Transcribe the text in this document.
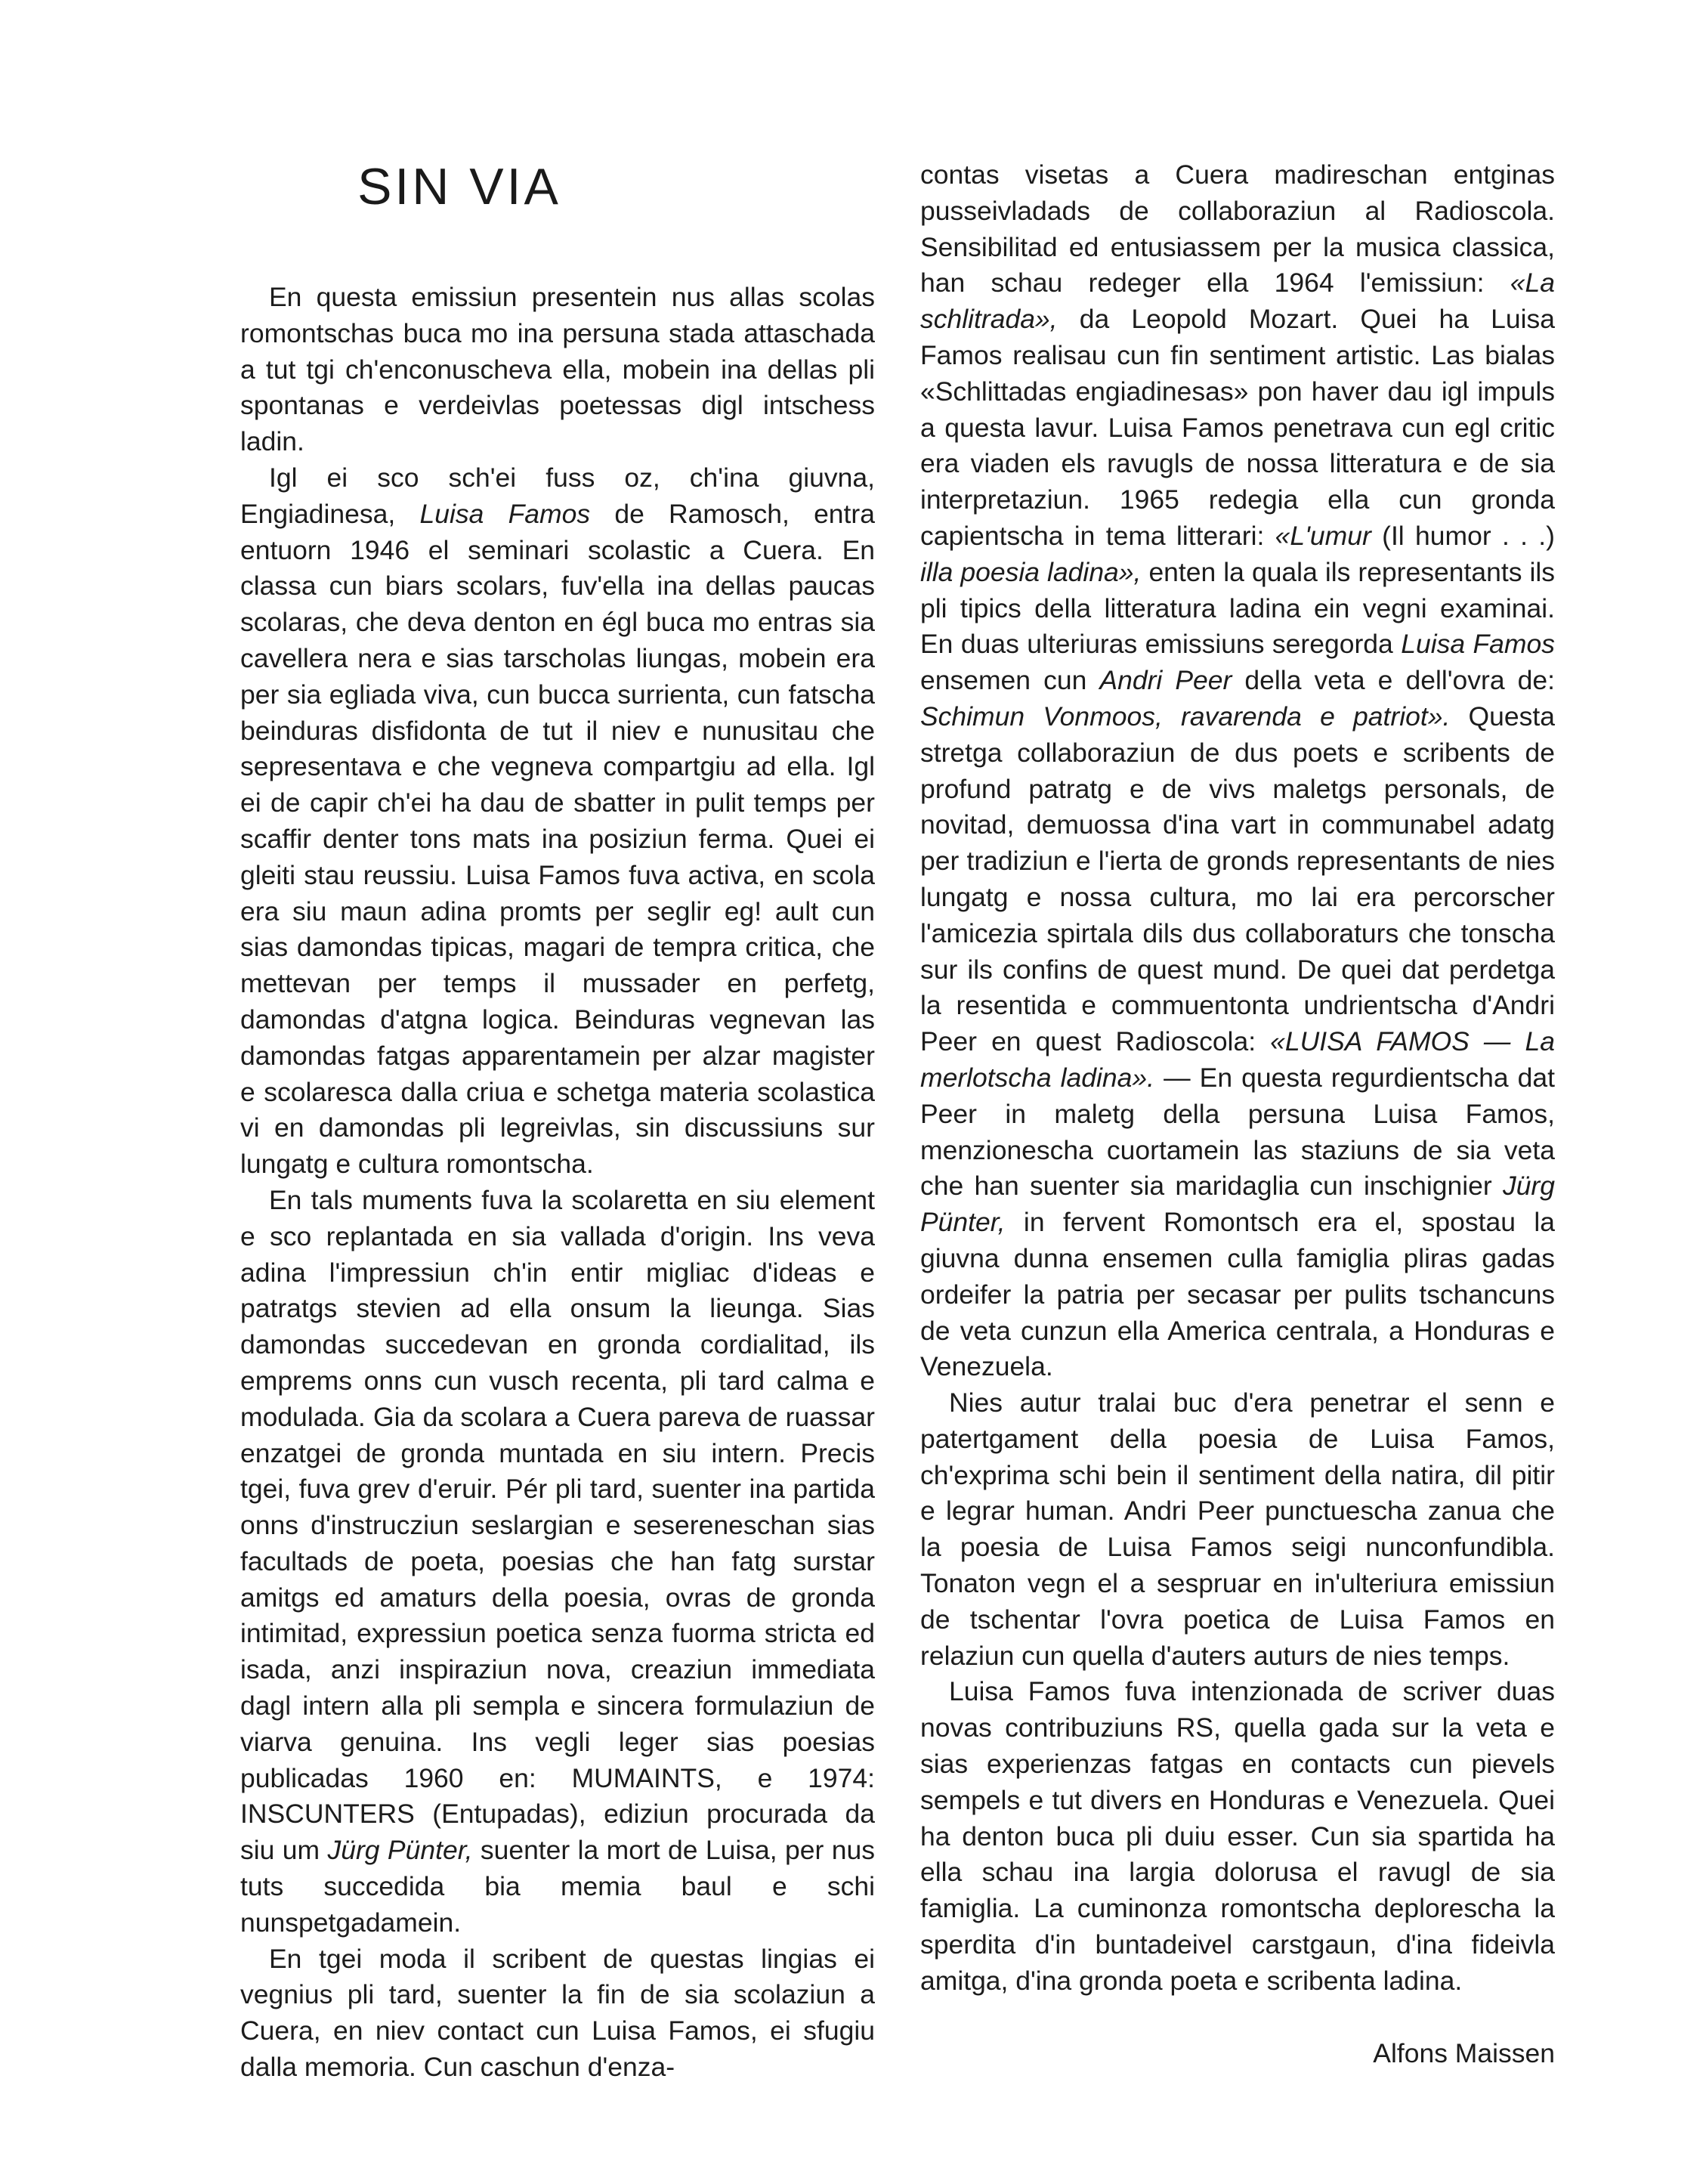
SIN VIA

En questa emissiun presentein nus allas scolas romontschas buca mo ina persuna stada attaschada a tut tgi ch'enconuscheva ella, mobein ina dellas pli spontanas e verdeivlas poetessas digl intschess ladin.

Igl ei sco sch'ei fuss oz, ch'ina giuvna, Engiadinesa, Luisa Famos de Ramosch, entra entuorn 1946 el seminari scolastic a Cuera. En classa cun biars scolars, fuv'ella ina dellas paucas scolaras, che deva denton en égl buca mo entras sia cavellera nera e sias tarscholas liungas, mobein era per sia egliada viva, cun bucca surrienta, cun fatscha beinduras disfidonta de tut il niev e nunusitau che sepresentava e che vegneva compartgiu ad ella. Igl ei de capir ch'ei ha dau de sbatter in pulit temps per scaffir denter tons mats ina posiziun ferma. Quei ei gleiti stau reussiu. Luisa Famos fuva activa, en scola era siu maun adina promts per seglir eg! ault cun sias damondas tipicas, magari de tempra critica, che mettevan per temps il mussader en perfetg, damondas d'atgna logica. Beinduras vegnevan las damondas fatgas apparentamein per alzar magister e scolaresca dalla criua e schetga materia scolastica vi en damondas pli legreivlas, sin discussiuns sur lungatg e cultura romontscha.

En tals muments fuva la scolaretta en siu element e sco replantada en sia vallada d'origin. Ins veva adina l'impressiun ch'in entir migliac d'ideas e patratgs stevien ad ella onsum la lieunga. Sias damondas succedevan en gronda cordialitad, ils emprems onns cun vusch recenta, pli tard calma e modulada. Gia da scolara a Cuera pareva de ruassar enzatgei de gronda muntada en siu intern. Precis tgei, fuva grev d'eruir. Pér pli tard, suenter ina partida onns d'instrucziun seslargian e sesereneschan sias facultads de poeta, poesias che han fatg surstar amitgs ed amaturs della poesia, ovras de gronda intimitad, expressiun poetica senza fuorma stricta ed isada, anzi inspiraziun nova, creaziun immediata dagl intern alla pli sempla e sincera formulaziun de viarva genuina. Ins vegli leger sias poesias publicadas 1960 en: MUMAINTS, e 1974: INSCUNTERS (Entupadas), ediziun procurada da siu um Jürg Pünter, suenter la mort de Luisa, per nus tuts succedida bia memia baul e schi nunspetgadamein.

En tgei moda il scribent de questas lingias ei vegnius pli tard, suenter la fin de sia scolaziun a Cuera, en niev contact cun Luisa Famos, ei sfugiu dalla memoria. Cun caschun d'enza-

contas visetas a Cuera madireschan entginas pusseivladads de collaboraziun al Radioscola. Sensibilitad ed entusiassem per la musica classica, han schau redeger ella 1964 l'emissiun: «La schlitrada», da Leopold Mozart. Quei ha Luisa Famos realisau cun fin sentiment artistic. Las bialas «Schlittadas engiadinesas» pon haver dau igl impuls a questa lavur. Luisa Famos penetrava cun egl critic era viaden els ravugls de nossa litteratura e de sia interpretaziun. 1965 redegia ella cun gronda capientscha in tema litterari: «L'umur (Il humor . . .) illa poesia ladina», enten la quala ils representants ils pli tipics della litteratura ladina ein vegni examinai. En duas ulteriuras emissiuns seregorda Luisa Famos ensemen cun Andri Peer della veta e dell'ovra de: Schimun Vonmoos, ravarenda e patriot». Questa stretga collaboraziun de dus poets e scribents de profund patratg e de vivs maletgs personals, de novitad, demuossa d'ina vart in communabel adatg per tradiziun e l'ierta de gronds representants de nies lungatg e nossa cultura, mo lai era percorscher l'amicezia spirtala dils dus collaboraturs che tonscha sur ils confins de quest mund. De quei dat perdetga la resentida e commuentonta undrientscha d'Andri Peer en quest Radioscola: «LUISA FAMOS — La merlotscha ladina». — En questa regurdientscha dat Peer in maletg della persuna Luisa Famos, menzionescha cuortamein las staziuns de sia veta che han suenter sia maridaglia cun inschignier Jürg Pünter, in fervent Romontsch era el, spostau la giuvna dunna ensemen culla famiglia pliras gadas ordeifer la patria per secasar per pulits tschancuns de veta cunzun ella America centrala, a Honduras e Venezuela.

Nies autur tralai buc d'era penetrar el senn e patertgament della poesia de Luisa Famos, ch'exprima schi bein il sentiment della natira, dil pitir e legrar human. Andri Peer punctuescha zanua che la poesia de Luisa Famos seigi nunconfundibla. Tonaton vegn el a sespruar en in'ulteriura emissiun de tschentar l'ovra poetica de Luisa Famos en relaziun cun quella d'auters auturs de nies temps.

Luisa Famos fuva intenzionada de scriver duas novas contribuziuns RS, quella gada sur la veta e sias experienzas fatgas en contacts cun pievels sempels e tut divers en Honduras e Venezuela. Quei ha denton buca pli duiu esser. Cun sia spartida ha ella schau ina largia dolorusa el ravugl de sia famiglia. La cuminonza romontscha deplorescha la sperdita d'in buntadeivel carstgaun, d'ina fideivla amitga, d'ina gronda poeta e scribenta ladina.

Alfons Maissen
